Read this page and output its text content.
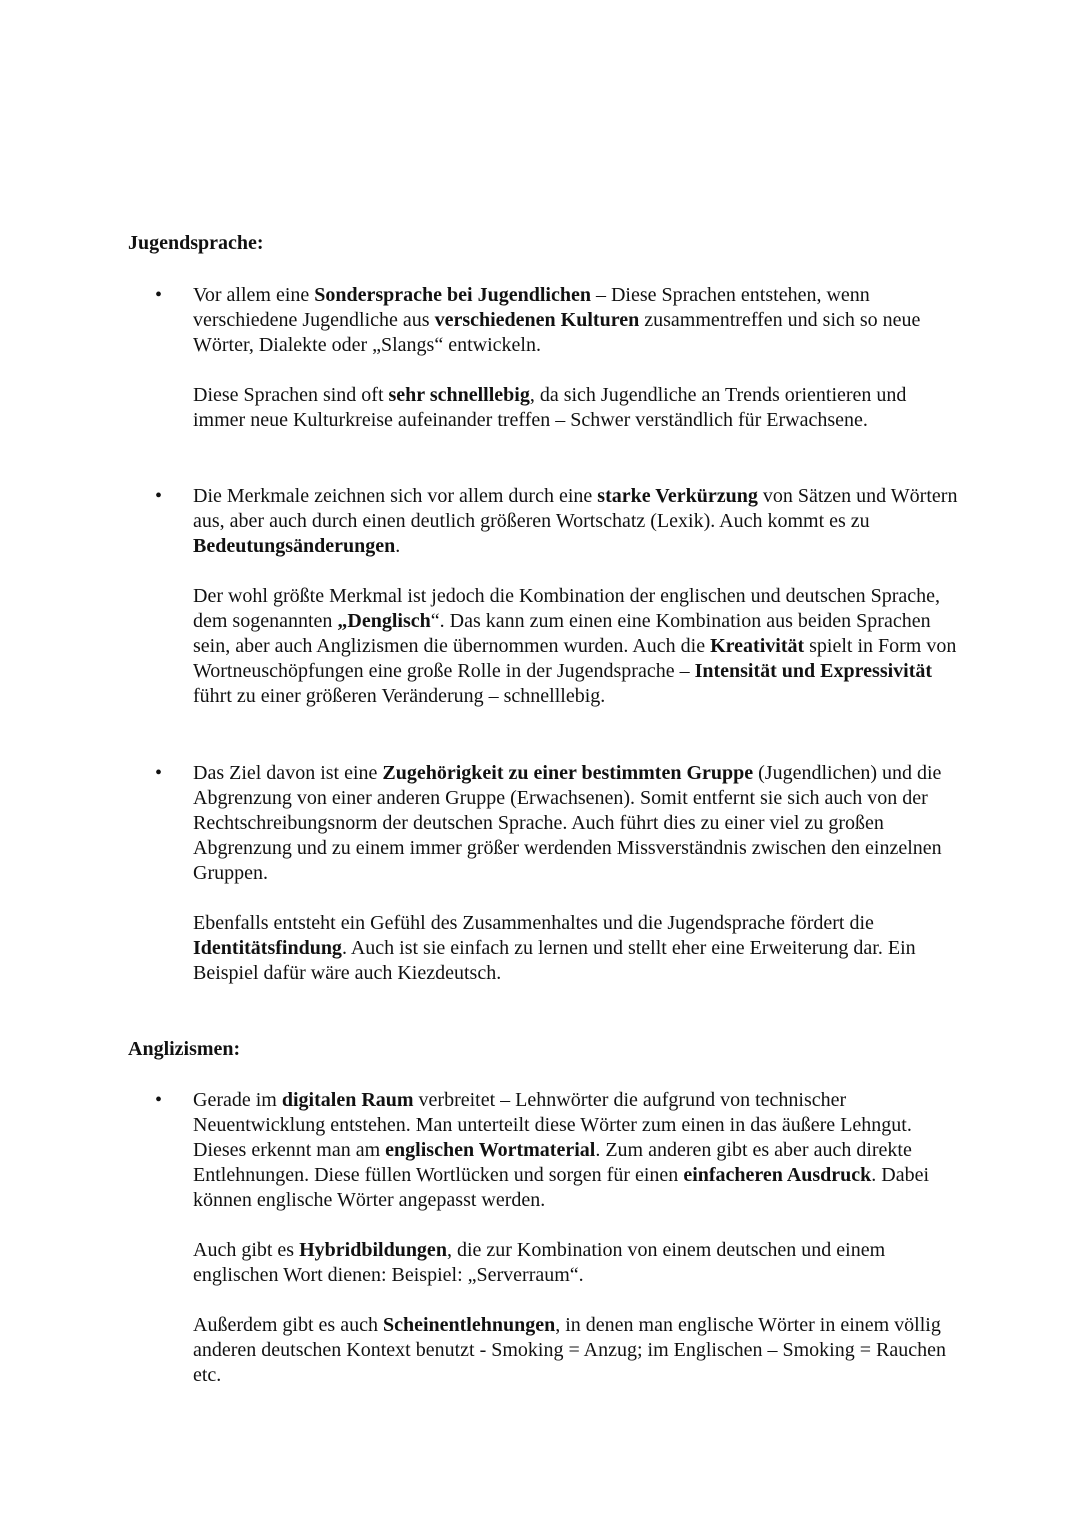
Jugendsprache:
• Vor allem eine Sondersprache bei Jugendlichen – Diese Sprachen entstehen, wenn verschiedene Jugendliche aus verschiedenen Kulturen zusammentreffen und sich so neue Wörter, Dialekte oder „Slangs“ entwickeln.

Diese Sprachen sind oft sehr schnelllebig, da sich Jugendliche an Trends orientieren und immer neue Kulturkreise aufeinander treffen – Schwer verständlich für Erwachsene.

• Die Merkmale zeichnen sich vor allem durch eine starke Verkürzung von Sätzen und Wörtern aus, aber auch durch einen deutlich größeren Wortschatz (Lexik). Auch kommt es zu Bedeutungsänderungen.

Der wohl größte Merkmal ist jedoch die Kombination der englischen und deutschen Sprache, dem sogenannten „Denglisch“. Das kann zum einen eine Kombination aus beiden Sprachen sein, aber auch Anglizismen die übernommen wurden. Auch die Kreativität spielt in Form von Wortneuschöpfungen eine große Rolle in der Jugendsprache – Intensität und Expressivität führt zu einer größeren Veränderung – schnelllebig.

• Das Ziel davon ist eine Zugehörigkeit zu einer bestimmten Gruppe (Jugendlichen) und die Abgrenzung von einer anderen Gruppe (Erwachsenen). Somit entfernt sie sich auch von der Rechtschreibungsnorm der deutschen Sprache. Auch führt dies zu einer viel zu großen Abgrenzung und zu einem immer größer werdenden Missverständnis zwischen den einzelnen Gruppen.

Ebenfalls entsteht ein Gefühl des Zusammenhaltes und die Jugendsprache fördert die Identitätsfindung. Auch ist sie einfach zu lernen und stellt eher eine Erweiterung dar. Ein Beispiel dafür wäre auch Kiezdeutsch.

Anglizismen:
• Gerade im digitalen Raum verbreitet – Lehnwörter die aufgrund von technischer Neuentwicklung entstehen. Man unterteilt diese Wörter zum einen in das äußere Lehngut. Dieses erkennt man am englischen Wortmaterial. Zum anderen gibt es aber auch direkte Entlehnungen. Diese füllen Wortlücken und sorgen für einen einfacheren Ausdruck. Dabei können englische Wörter angepasst werden.

Auch gibt es Hybridbildungen, die zur Kombination von einem deutschen und einem englischen Wort dienen: Beispiel: „Serverraum“.

Außerdem gibt es auch Scheinentlehnungen, in denen man englische Wörter in einem völlig anderen deutschen Kontext benutzt - Smoking = Anzug; im Englischen – Smoking = Rauchen etc.
